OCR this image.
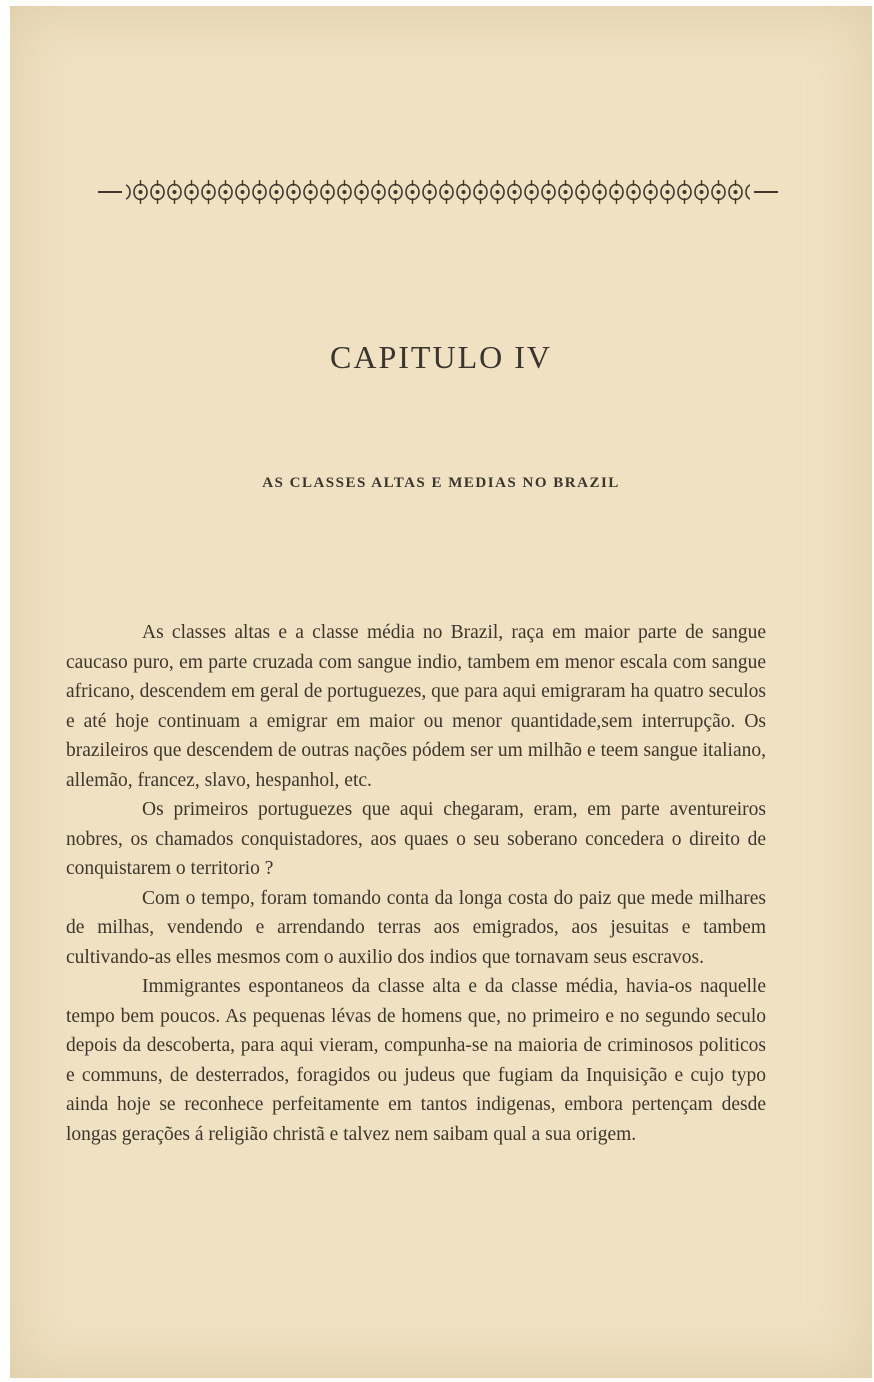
CAPITULO IV
AS CLASSES ALTAS E MEDIAS NO BRAZIL

As classes altas e a classe média no Brazil, raça em maior parte de sangue caucaso puro, em parte cruzada com sangue indio, tambem em menor escala com sangue africano, descendem em geral de portuguezes, que para aqui emigraram ha quatro seculos e até hoje continuam a emigrar em maior ou menor quantidade,sem interrupção. Os brazileiros que descendem de outras nações pódem ser um milhão e teem sangue italiano, allemão, francez, slavo, hespanhol, etc.

Os primeiros portuguezes que aqui chegaram, eram, em parte aventureiros nobres, os chamados conquistadores, aos quaes o seu soberano concedera o direito de conquistarem o territorio ?

Com o tempo, foram tomando conta da longa costa do paiz que mede milhares de milhas, vendendo e arrendando terras aos emigrados, aos jesuitas e tambem cultivando-as elles mesmos com o auxilio dos indios que tornavam seus escravos.

Immigrantes espontaneos da classe alta e da classe média, havia-os naquelle tempo bem poucos. As pequenas lévas de homens que, no primeiro e no segundo seculo depois da descoberta, para aqui vieram, compunha-se na maioria de criminosos politicos e communs, de desterrados, foragidos ou judeus que fugiam da Inquisição e cujo typo ainda hoje se reconhece perfeitamente em tantos indigenas, embora pertençam desde longas gerações á religião christã e talvez nem saibam qual a sua origem.
